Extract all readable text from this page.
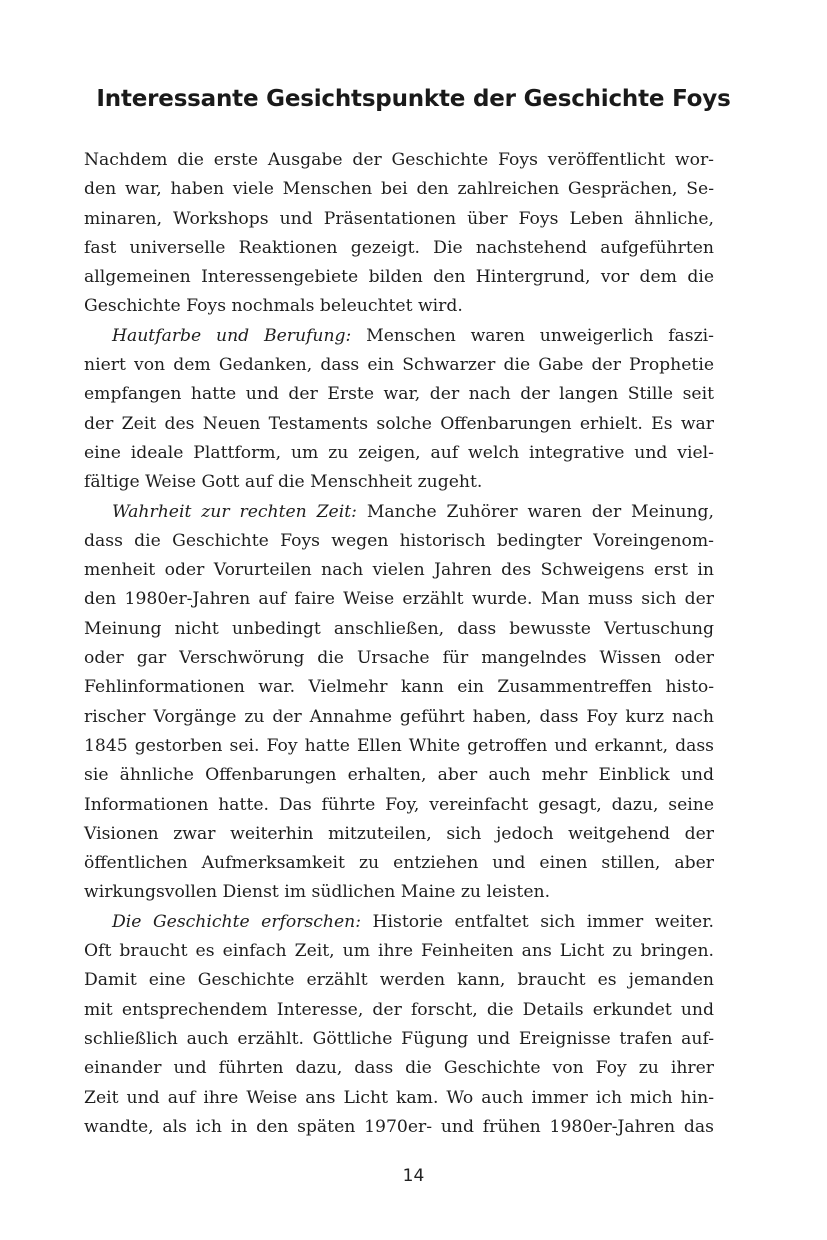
Interessante Gesichtspunkte der Geschichte Foys
Nachdem die erste Ausgabe der Geschichte Foys veröffentlicht wor-
den war, haben viele Menschen bei den zahlreichen Gesprächen, Se-
minaren, Workshops und Präsentationen über Foys Leben ähnliche,
fast universelle Reaktionen gezeigt. Die nachstehend aufgeführten
allgemeinen Interessengebiete bilden den Hintergrund, vor dem die
Geschichte Foys nochmals beleuchtet wird.
Hautfarbe und Berufung: Menschen waren unweigerlich faszi-
niert von dem Gedanken, dass ein Schwarzer die Gabe der Prophetie
empfangen hatte und der Erste war, der nach der langen Stille seit
der Zeit des Neuen Testaments solche Offenbarungen erhielt. Es war
eine ideale Plattform, um zu zeigen, auf welch integrative und viel-
fältige Weise Gott auf die Menschheit zugeht.
Wahrheit zur rechten Zeit: Manche Zuhörer waren der Meinung,
dass die Geschichte Foys wegen historisch bedingter Voreingenom-
menheit oder Vorurteilen nach vielen Jahren des Schweigens erst in
den 1980er-Jahren auf faire Weise erzählt wurde. Man muss sich der
Meinung nicht unbedingt anschließen, dass bewusste Vertuschung
oder gar Verschwörung die Ursache für mangelndes Wissen oder
Fehlinformationen war. Vielmehr kann ein Zusammentreffen histo-
rischer Vorgänge zu der Annahme geführt haben, dass Foy kurz nach
1845 gestorben sei. Foy hatte Ellen White getroffen und erkannt, dass
sie ähnliche Offenbarungen erhalten, aber auch mehr Einblick und
Informationen hatte. Das führte Foy, vereinfacht gesagt, dazu, seine
Visionen zwar weiterhin mitzuteilen, sich jedoch weitgehend der
öffentlichen Aufmerksamkeit zu entziehen und einen stillen, aber
wirkungsvollen Dienst im südlichen Maine zu leisten.
Die Geschichte erforschen: Historie entfaltet sich immer weiter.
Oft braucht es einfach Zeit, um ihre Feinheiten ans Licht zu bringen.
Damit eine Geschichte erzählt werden kann, braucht es jemanden
mit entsprechendem Interesse, der forscht, die Details erkundet und
schließlich auch erzählt. Göttliche Fügung und Ereignisse trafen auf-
einander und führten dazu, dass die Geschichte von Foy zu ihrer
Zeit und auf ihre Weise ans Licht kam. Wo auch immer ich mich hin-
wandte, als ich in den späten 1970er- und frühen 1980er-Jahren das
14
